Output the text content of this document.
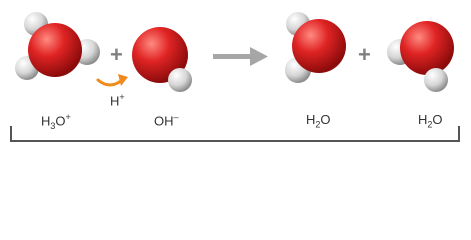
+	+
H+
$H_3O^+$	OH–	$H_2O$	$H_2O$
